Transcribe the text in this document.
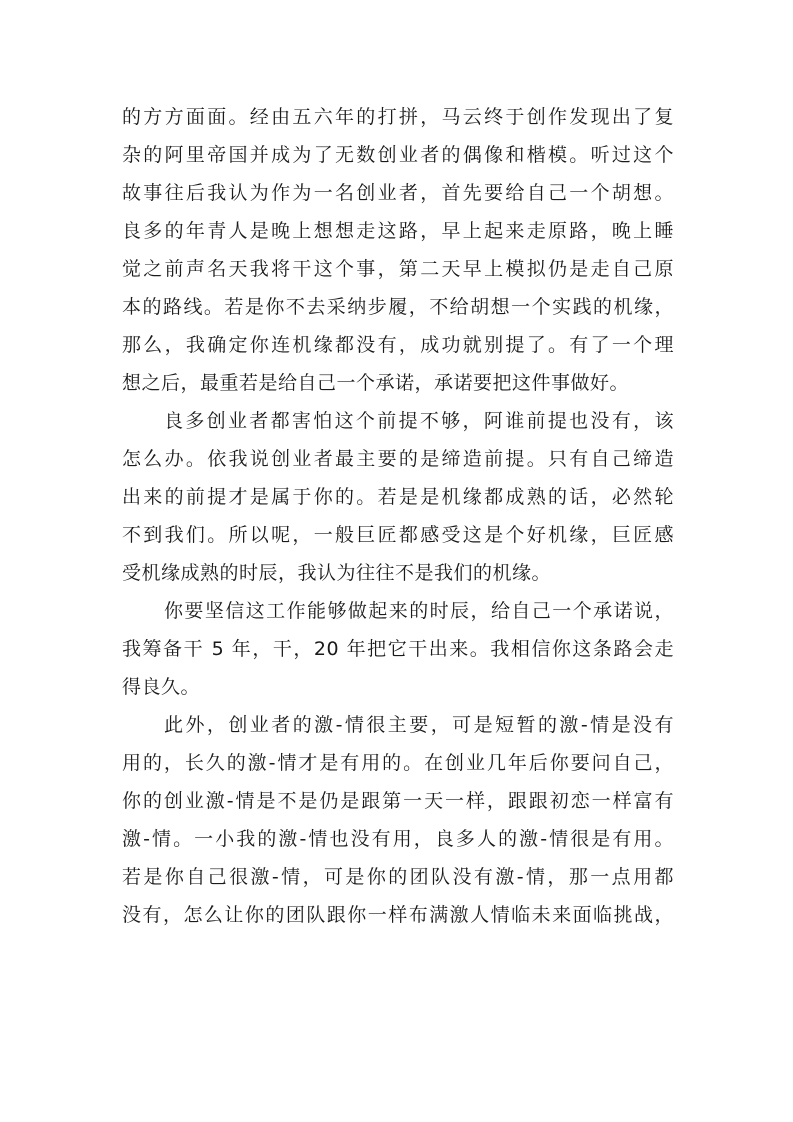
的方方面面。经由五六年的打拼，马云终于创作发现出了复
杂的阿里帝国并成为了无数创业者的偶像和楷模。听过这个
故事往后我认为作为一名创业者，首先要给自己一个胡想。
良多的年青人是晚上想想走这路，早上起来走原路，晚上睡
觉之前声名天我将干这个事，第二天早上模拟仍是走自己原
本的路线。若是你不去采纳步履，不给胡想一个实践的机缘，
那么，我确定你连机缘都没有，成功就别提了。有了一个理
想之后，最重若是给自己一个承诺，承诺要把这件事做好。
良多创业者都害怕这个前提不够，阿谁前提也没有，该
怎么办。依我说创业者最主要的是缔造前提。只有自己缔造
出来的前提才是属于你的。若是是机缘都成熟的话，必然轮
不到我们。所以呢，一般巨匠都感受这是个好机缘，巨匠感
受机缘成熟的时辰，我认为往往不是我们的机缘。
你要坚信这工作能够做起来的时辰，给自己一个承诺说，
我筹备干 5 年，干，20 年把它干出来。我相信你这条路会走
得良久。
此外，创业者的激-情很主要，可是短暂的激-情是没有
用的，长久的激-情才是有用的。在创业几年后你要问自己，
你的创业激-情是不是仍是跟第一天一样，跟跟初恋一样富有
激-情。一小我的激-情也没有用，良多人的激-情很是有用。
若是你自己很激-情，可是你的团队没有激-情，那一点用都
没有，怎么让你的团队跟你一样布满激人情临未来面临挑战，
